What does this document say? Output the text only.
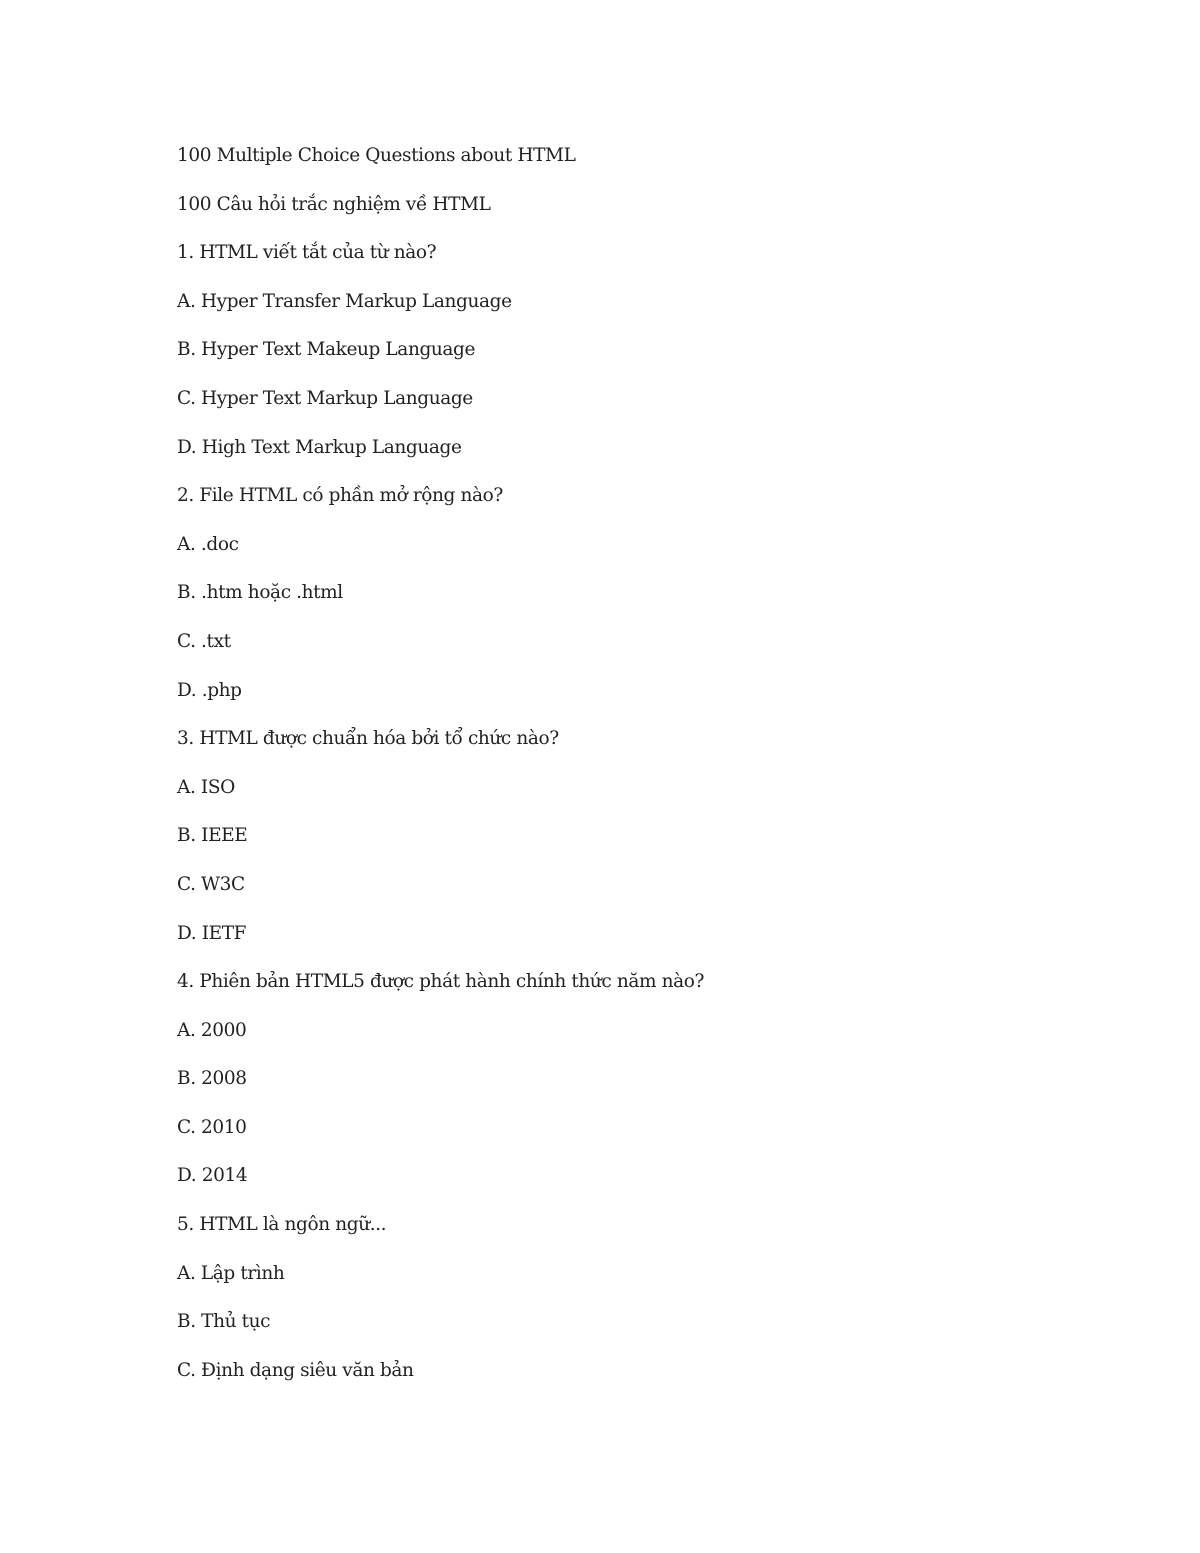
100 Multiple Choice Questions about HTML
100 Câu hỏi trắc nghiệm về HTML
1. HTML viết tắt của từ nào?
A. Hyper Transfer Markup Language
B. Hyper Text Makeup Language
C. Hyper Text Markup Language
D. High Text Markup Language
2. File HTML có phần mở rộng nào?
A. .doc
B. .htm hoặc .html
C. .txt
D. .php
3. HTML được chuẩn hóa bởi tổ chức nào?
A. ISO
B. IEEE
C. W3C
D. IETF
4. Phiên bản HTML5 được phát hành chính thức năm nào?
A. 2000
B. 2008
C. 2010
D. 2014
5. HTML là ngôn ngữ...
A. Lập trình
B. Thủ tục
C. Định dạng siêu văn bản
